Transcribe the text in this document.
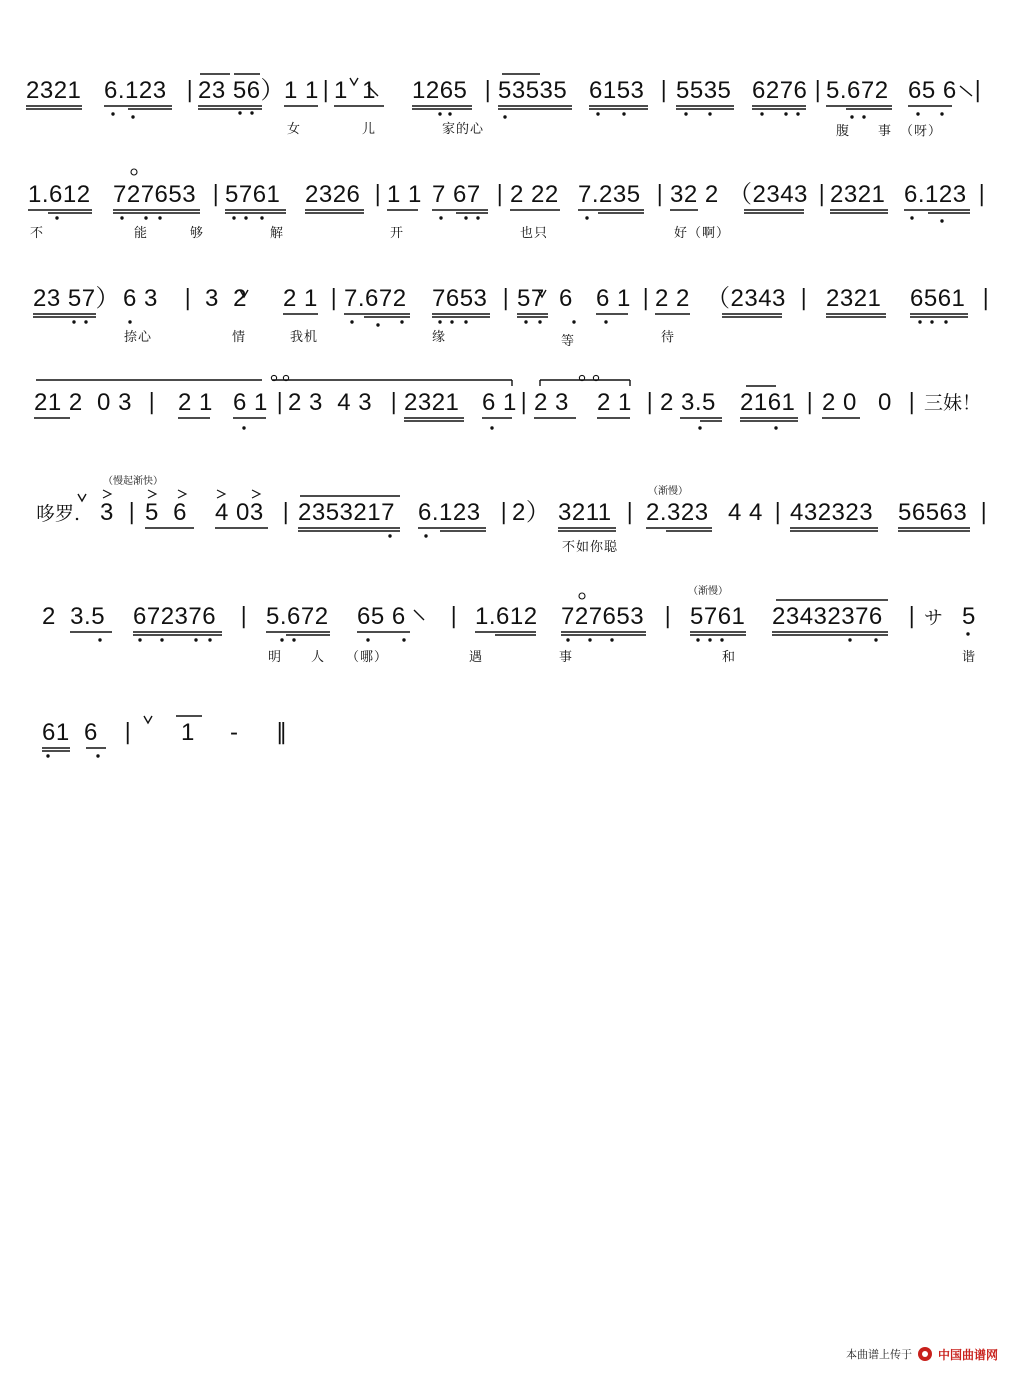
2321 6.123 | 23 56）
1 1 | 1  1 1265 | 53535 6153 | 5535 6276 | 5.672 65 6 |
女	儿	家的心	腹 事 （呀）
1.612 727653 | 5761 2326 | 1 1 7 67 | 2 22 7.235 | 32 2 （2343 | 2321 6.123 |
不	能	够	解	开	也只	好（啊）
23 57） 6 3 | 3  2 2 1 | 7.672 7653 | 57  6 6 1 | 2 2 （2343 | 2321 6561 |
捺心	情	我机	缘	等	待
21 2  0 3 | 2 1 6 1 | 2 3  4 3 | 2321 6 1 | 2 3 2 1 | 2 3.5 2161 | 2 0 0 | 三妹！
（慢起渐快）
（渐慢）
哆罗. 3 | 5  6 4 03 | 2353217 6.123 | 2） 3211 | 2.323 4 4 | 432323 56563 |
不如你聪
（渐慢）
2  3.5 672376 | 5.672 65 6 | 1.612 727653 | 5761 23432376 | サ 5
明 人 （哪）	遇	事	和	谐
61  6 | 1 - ‖
本曲谱上传于 中国曲谱网
